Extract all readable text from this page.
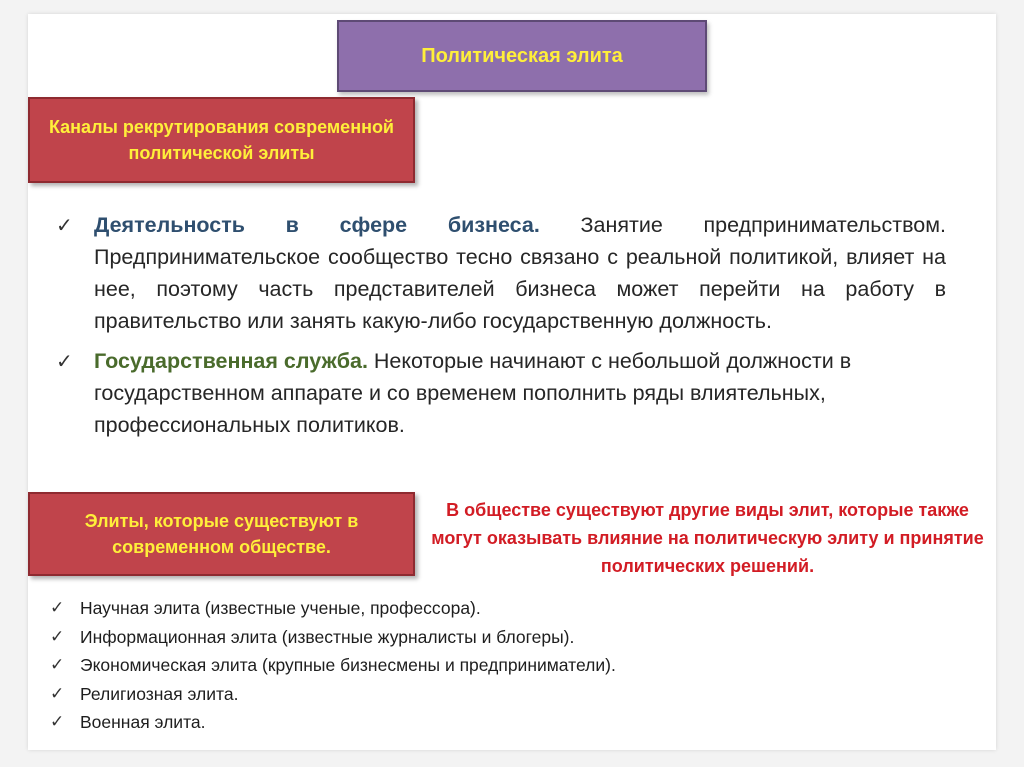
Политическая элита
Каналы рекрутирования современной политической элиты
✓ Деятельность в сфере бизнеса. Занятие предпринимательством. Предпринимательское сообщество тесно связано с реальной политикой, влияет на нее, поэтому часть представителей бизнеса может перейти на работу в правительство или занять какую-либо государственную должность.
✓ Государственная служба. Некоторые начинают с небольшой должности в государственном аппарате и со временем пополнить ряды влиятельных, профессиональных политиков.
Элиты, которые существуют в современном обществе.
В обществе существуют другие виды элит, которые также могут оказывать влияние на политическую элиту и принятие политических решений.
✓ Научная элита (известные ученые, профессора).
✓ Информационная элита (известные журналисты и блогеры).
✓ Экономическая элита (крупные бизнесмены и предприниматели).
✓ Религиозная элита.
✓ Военная элита.
